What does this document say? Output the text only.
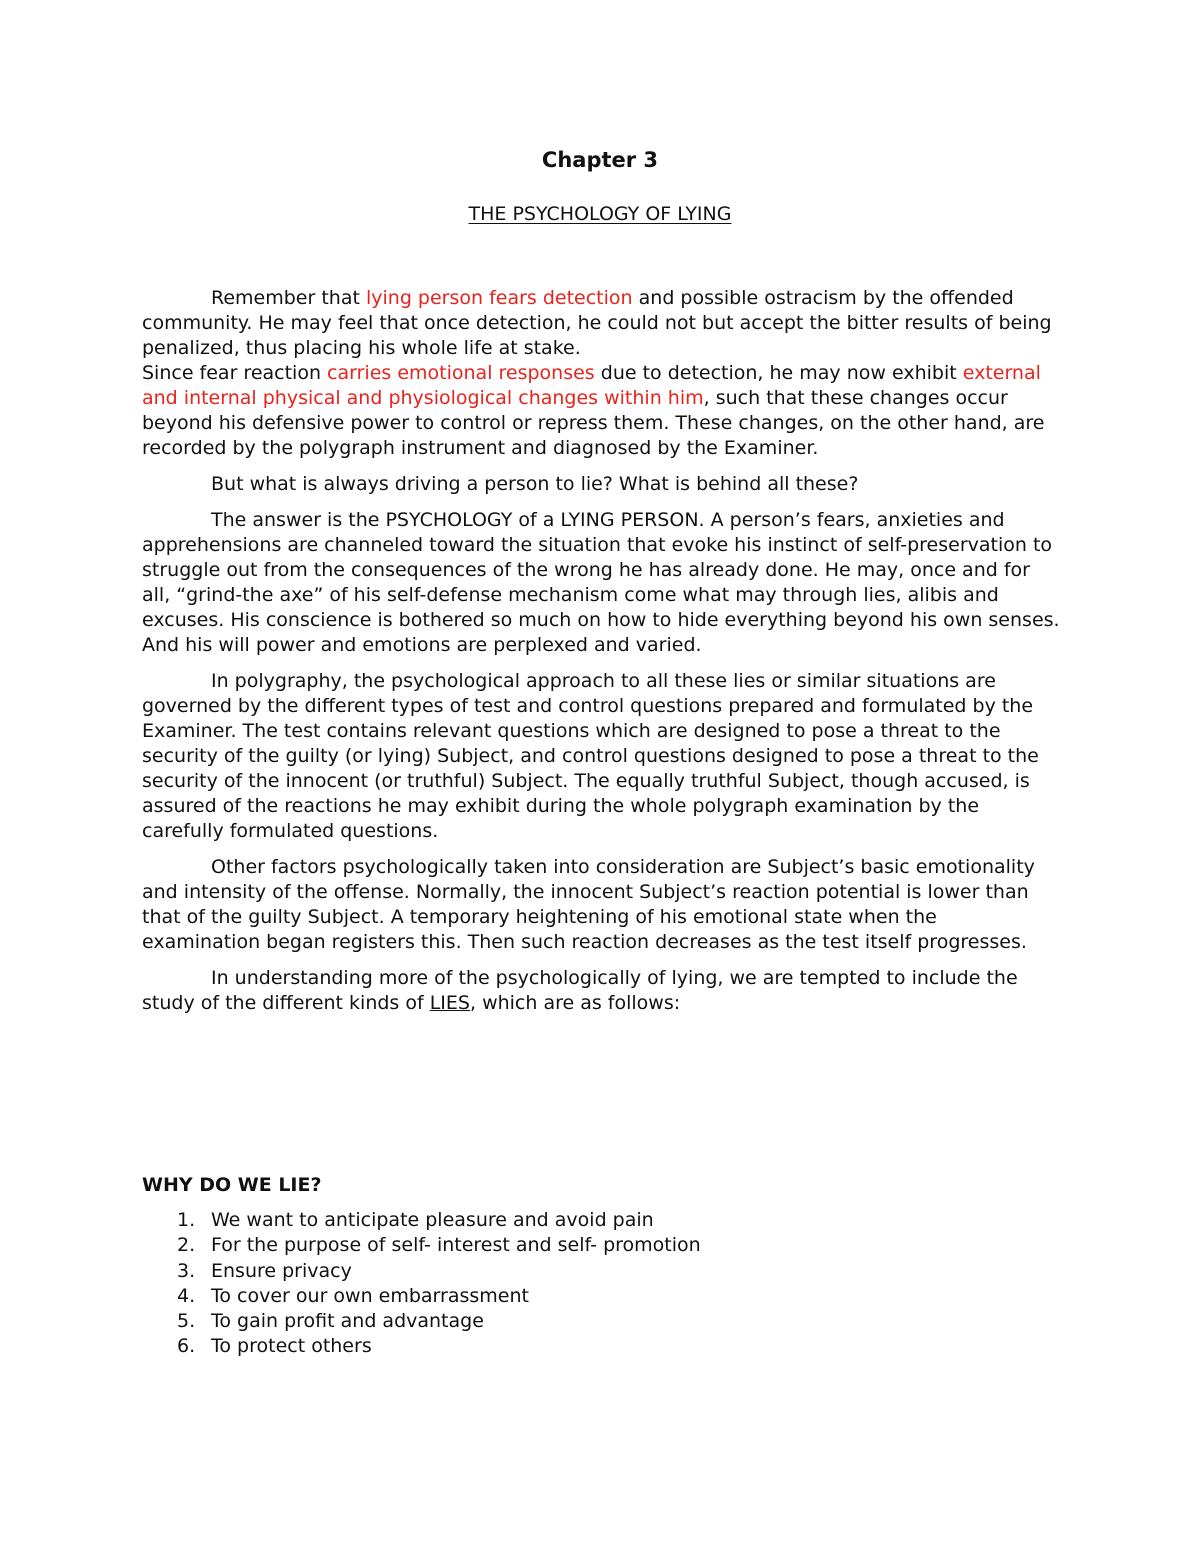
Chapter 3
THE PSYCHOLOGY OF LYING

Remember that lying person fears detection and possible ostracism by the offended community. He may feel that once detection, he could not but accept the bitter results of being penalized, thus placing his whole life at stake.

Since fear reaction carries emotional responses due to detection, he may now exhibit external and internal physical and physiological changes within him, such that these changes occur beyond his defensive power to control or repress them. These changes, on the other hand, are recorded by the polygraph instrument and diagnosed by the Examiner.

But what is always driving a person to lie? What is behind all these?

The answer is the PSYCHOLOGY of a LYING PERSON. A person’s fears, anxieties and apprehensions are channeled toward the situation that evoke his instinct of self-preservation to struggle out from the consequences of the wrong he has already done. He may, once and for all, “grind-the axe” of his self-defense mechanism come what may through lies, alibis and excuses. His conscience is bothered so much on how to hide everything beyond his own senses. And his will power and emotions are perplexed and varied.

In polygraphy, the psychological approach to all these lies or similar situations are governed by the different types of test and control questions prepared and formulated by the Examiner. The test contains relevant questions which are designed to pose a threat to the security of the guilty (or lying) Subject, and control questions designed to pose a threat to the security of the innocent (or truthful) Subject. The equally truthful Subject, though accused, is assured of the reactions he may exhibit during the whole polygraph examination by the carefully formulated questions.

Other factors psychologically taken into consideration are Subject’s basic emotionality and intensity of the offense. Normally, the innocent Subject’s reaction potential is lower than that of the guilty Subject. A temporary heightening of his emotional state when the examination began registers this. Then such reaction decreases as the test itself progresses.

In understanding more of the psychologically of lying, we are tempted to include the study of the different kinds of LIES, which are as follows:

WHY DO WE LIE?
1. We want to anticipate pleasure and avoid pain
2. For the purpose of self- interest and self- promotion
3. Ensure privacy
4. To cover our own embarrassment
5. To gain profit and advantage
6. To protect others
